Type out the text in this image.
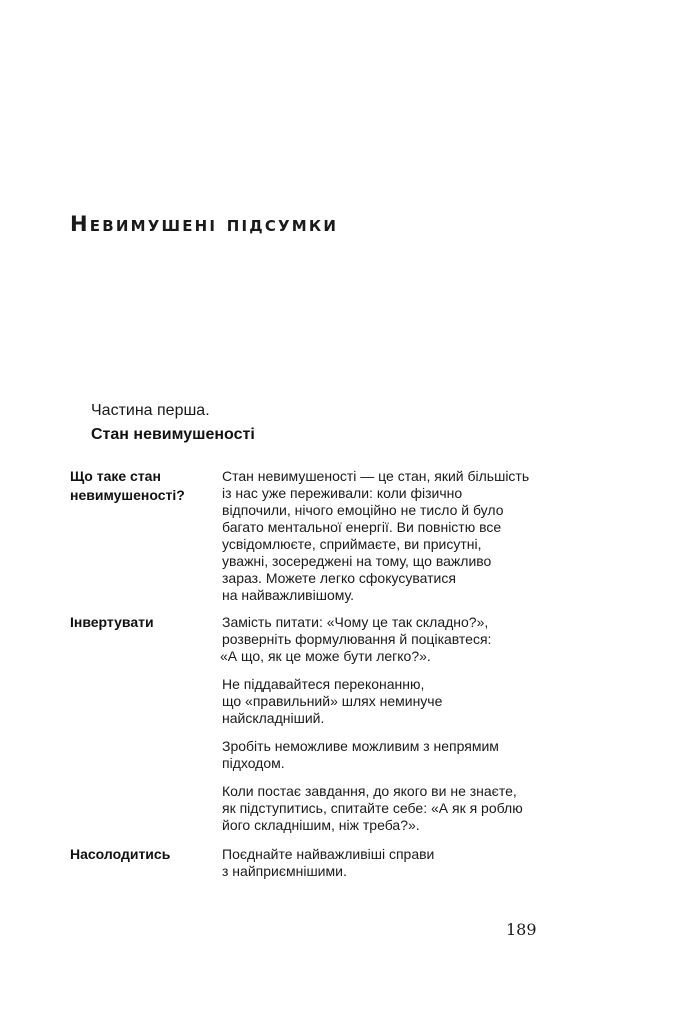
Невимушені підсумки
Частина перша.
Стан невимушеності
Що таке стан
невимушеності?
Стан невимушеності — це стан, який більшість
із нас уже переживали: коли фізично
відпочили, нічого емоційно не тисло й було
багато ментальної енергії. Ви повністю все
усвідомлюєте, сприймаєте, ви присутні,
уважні, зосереджені на тому, що важливо
зараз. Можете легко сфокусуватися
на найважливішому.
Інвертувати	Замість питати: «Чому це так складно?»,
розверніть формулювання й поцікавтеся:
«А що, як це може бути легко?».
Не піддавайтеся переконанню,
що «правильний» шлях неминуче
найскладніший.
Зробіть неможливе можливим з непрямим
підходом.
Коли постає завдання, до якого ви не знаєте,
як підступитись, спитайте себе: «А як я роблю
його складнішим, ніж треба?».
Насолодитись	Поєднайте найважливіші справи
з найприємнішими.
189
